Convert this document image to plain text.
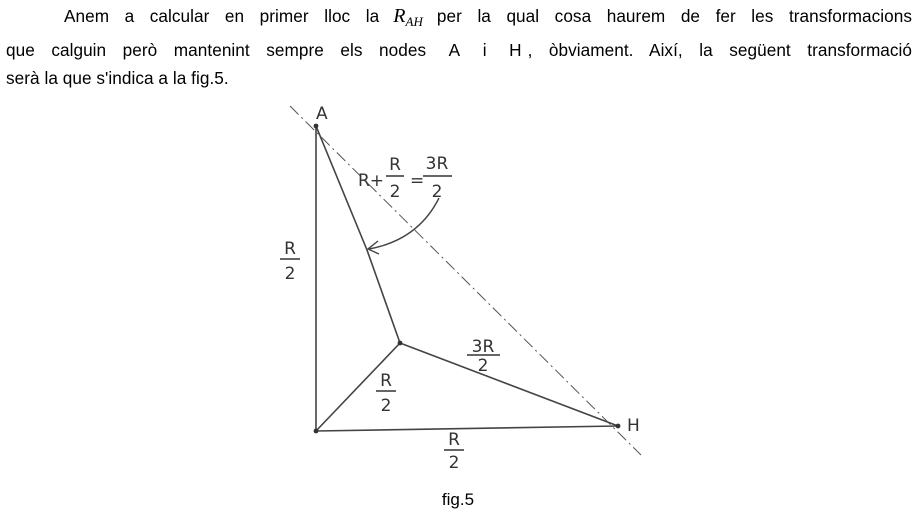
Anem a calcular en primer lloc la $R_{AH}$ per la qual cosa haurem de fer les transformacions
que calguin però mantenint sempre els nodes A i H , òbviament. Així, la següent transformació
serà la que s'indica a la fig.5.
A
H
R+
R
2
=
3R
2
R
2
R
2
3R
2
R
2
fig.5
